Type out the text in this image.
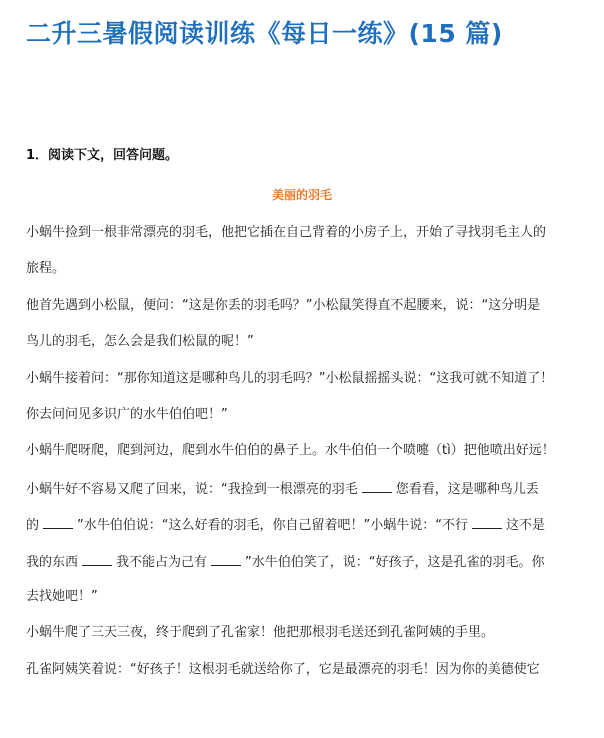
二升三暑假阅读训练《每日一练》(15 篇)
1．阅读下文，回答问题。
美丽的羽毛
小蜗牛捡到一根非常漂亮的羽毛，他把它插在自己背着的小房子上，开始了寻找羽毛主人的
旅程。
他首先遇到小松鼠，便问：“这是你丢的羽毛吗？”小松鼠笑得直不起腰来，说：“这分明是
鸟儿的羽毛，怎么会是我们松鼠的呢！”
小蜗牛接着问：“那你知道这是哪种鸟儿的羽毛吗？”小松鼠摇摇头说：“这我可就不知道了！
你去问问见多识广的水牛伯伯吧！”
小蜗牛爬呀爬，爬到河边，爬到水牛伯伯的鼻子上。水牛伯伯一个喷嚏（tì）把他喷出好远！
小蜗牛好不容易又爬了回来，说：“我捡到一根漂亮的羽毛	您看看，这是哪种鸟儿丢
的	”水牛伯伯说：“这么好看的羽毛，你自己留着吧！”小蜗牛说：“不行	这不是
我的东西	我不能占为己有	”水牛伯伯笑了，说：“好孩子，这是孔雀的羽毛。你
去找她吧！”
小蜗牛爬了三天三夜，终于爬到了孔雀家！他把那根羽毛送还到孔雀阿姨的手里。
孔雀阿姨笑着说：“好孩子！这根羽毛就送给你了，它是最漂亮的羽毛！因为你的美德使它
